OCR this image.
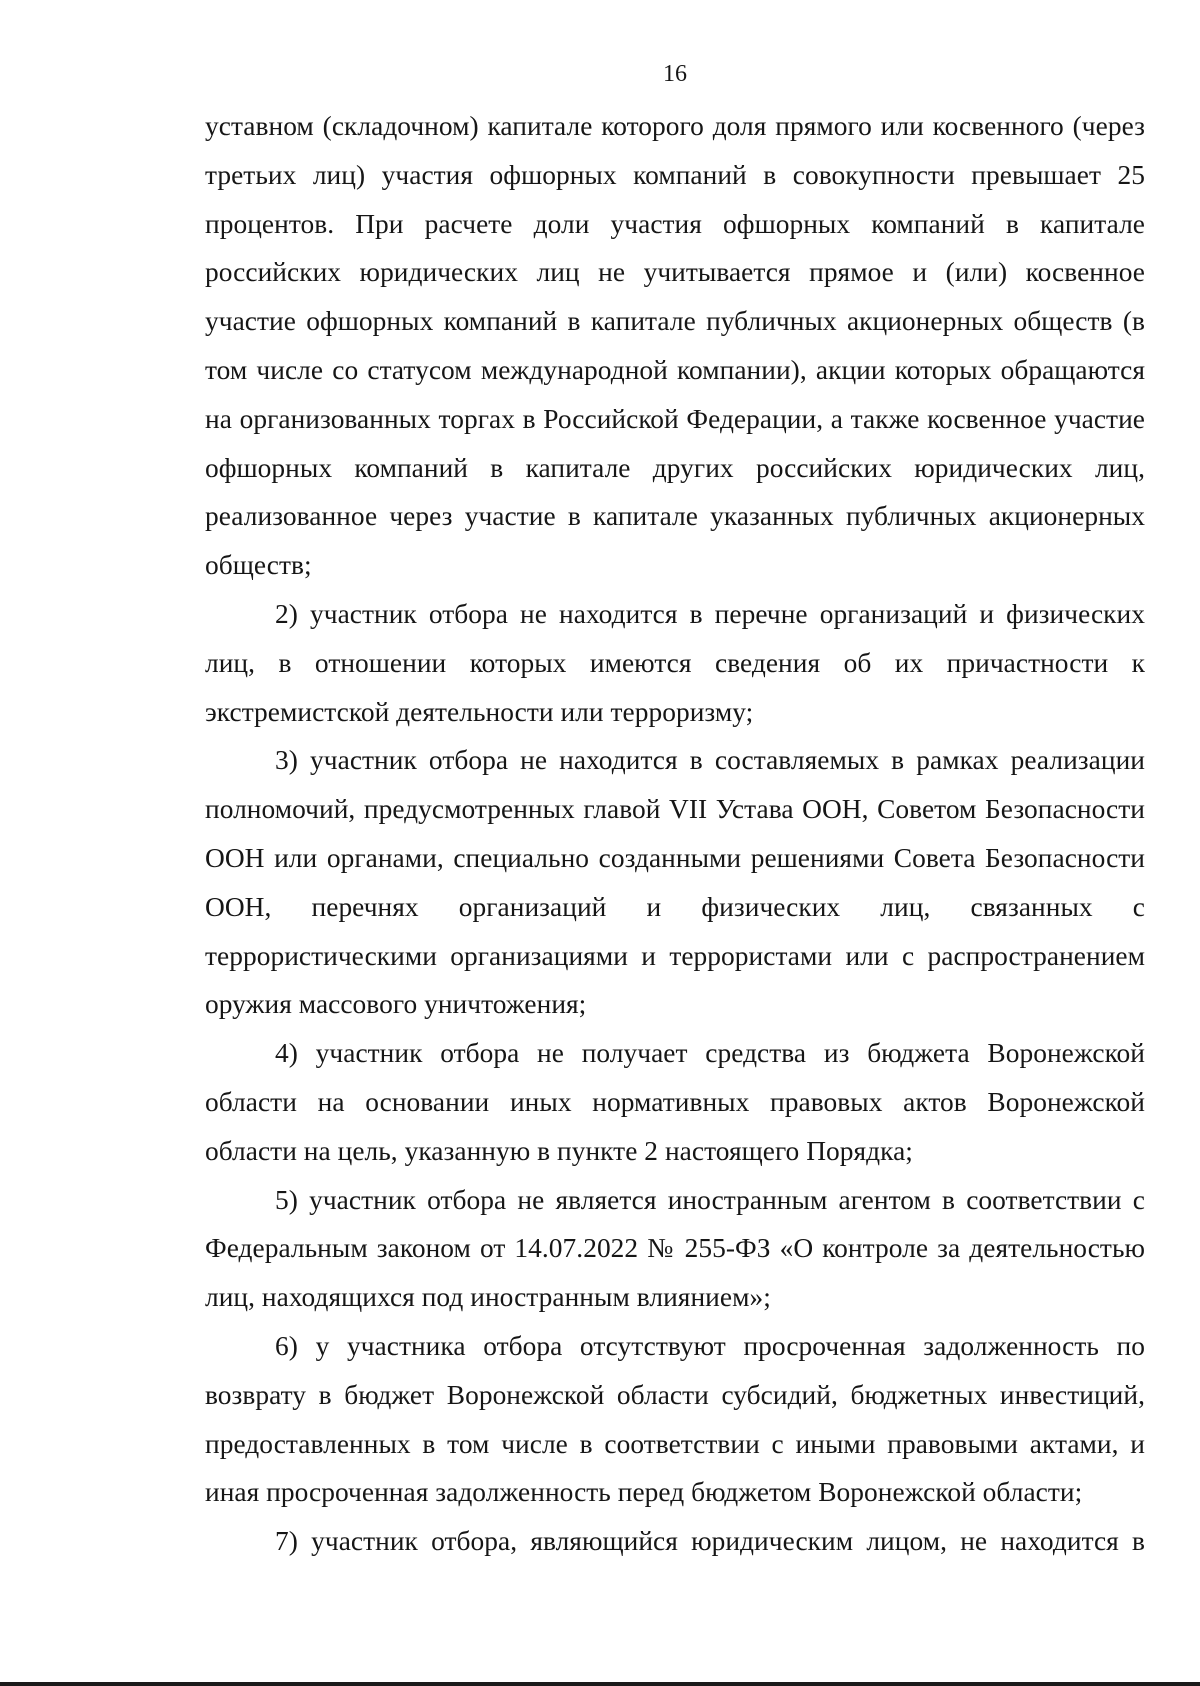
16

уставном (складочном) капитале которого доля прямого или косвенного (через третьих лиц) участия офшорных компаний в совокупности превышает 25 процентов. При расчете доли участия офшорных компаний в капитале российских юридических лиц не учитывается прямое и (или) косвенное участие офшорных компаний в капитале публичных акционерных обществ (в том числе со статусом международной компании), акции которых обращаются на организованных торгах в Российской Федерации, а также косвенное участие офшорных компаний в капитале других российских юридических лиц, реализованное через участие в капитале указанных публичных акционерных обществ;

2) участник отбора не находится в перечне организаций и физических лиц, в отношении которых имеются сведения об их причастности к экстремистской деятельности или терроризму;

3) участник отбора не находится в составляемых в рамках реализации полномочий, предусмотренных главой VII Устава ООН, Советом Безопасности ООН или органами, специально созданными решениями Совета Безопасности ООН, перечнях организаций и физических лиц, связанных с террористическими организациями и террористами или с распространением оружия массового уничтожения;

4) участник отбора не получает средства из бюджета Воронежской области на основании иных нормативных правовых актов Воронежской области на цель, указанную в пункте 2 настоящего Порядка;

5) участник отбора не является иностранным агентом в соответствии с Федеральным законом от 14.07.2022 № 255-ФЗ «О контроле за деятельностью лиц, находящихся под иностранным влиянием»;

6) у участника отбора отсутствуют просроченная задолженность по возврату в бюджет Воронежской области субсидий, бюджетных инвестиций, предоставленных в том числе в соответствии с иными правовыми актами, и иная просроченная задолженность перед бюджетом Воронежской области;

7) участник отбора, являющийся юридическим лицом, не находится в
